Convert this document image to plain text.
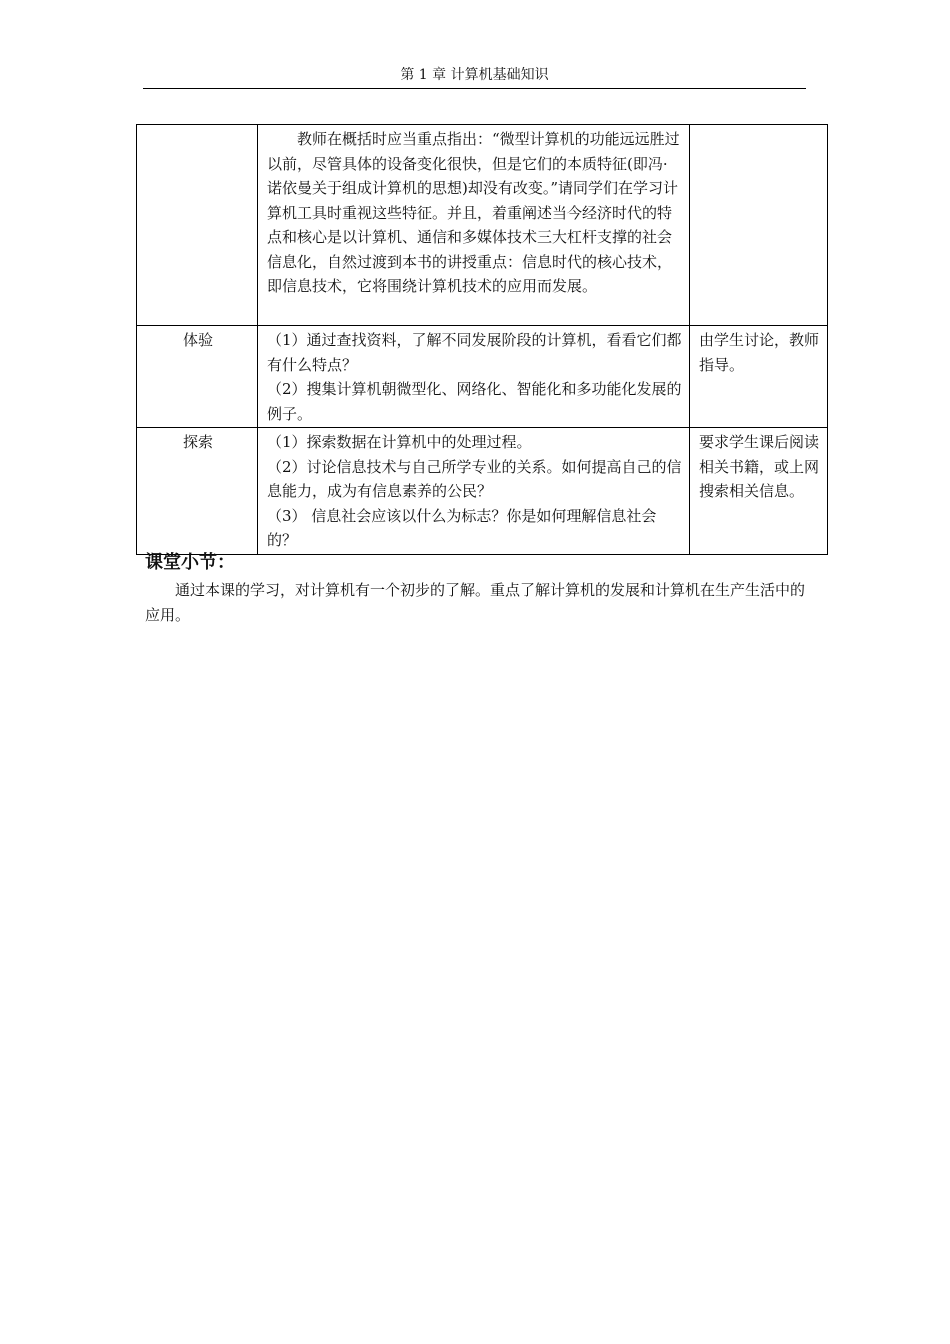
第 1 章 计算机基础知识

	教师在概括时应当重点指出：“微型计算机的功能远远胜过以前，尽管具体的设备变化很快，但是它们的本质特征(即冯·诺依曼关于组成计算机的思想)却没有改变。”请同学们在学习计算机工具时重视这些特征。并且，着重阐述当今经济时代的特点和核心是以计算机、通信和多媒体技术三大杠杆支撑的社会信息化，自然过渡到本书的讲授重点：信息时代的核心技术，即信息技术，它将围绕计算机技术的应用而发展。	

体验	（1）通过查找资料，了解不同发展阶段的计算机，看看它们都有什么特点？

（2）搜集计算机朝微型化、网络化、智能化和多功能化发展的例子。	由学生讨论，教师指导。
探索	（1）探索数据在计算机中的处理过程。

（2）讨论信息技术与自己所学专业的关系。如何提高自己的信息能力，成为有信息素养的公民？

（3） 信息社会应该以什么为标志？你是如何理解信息社会的？	要求学生课后阅读相关书籍，或上网搜索相关信息。
课堂小节：

通过本课的学习，对计算机有一个初步的了解。重点了解计算机的发展和计算机在生产生活中的应用。
